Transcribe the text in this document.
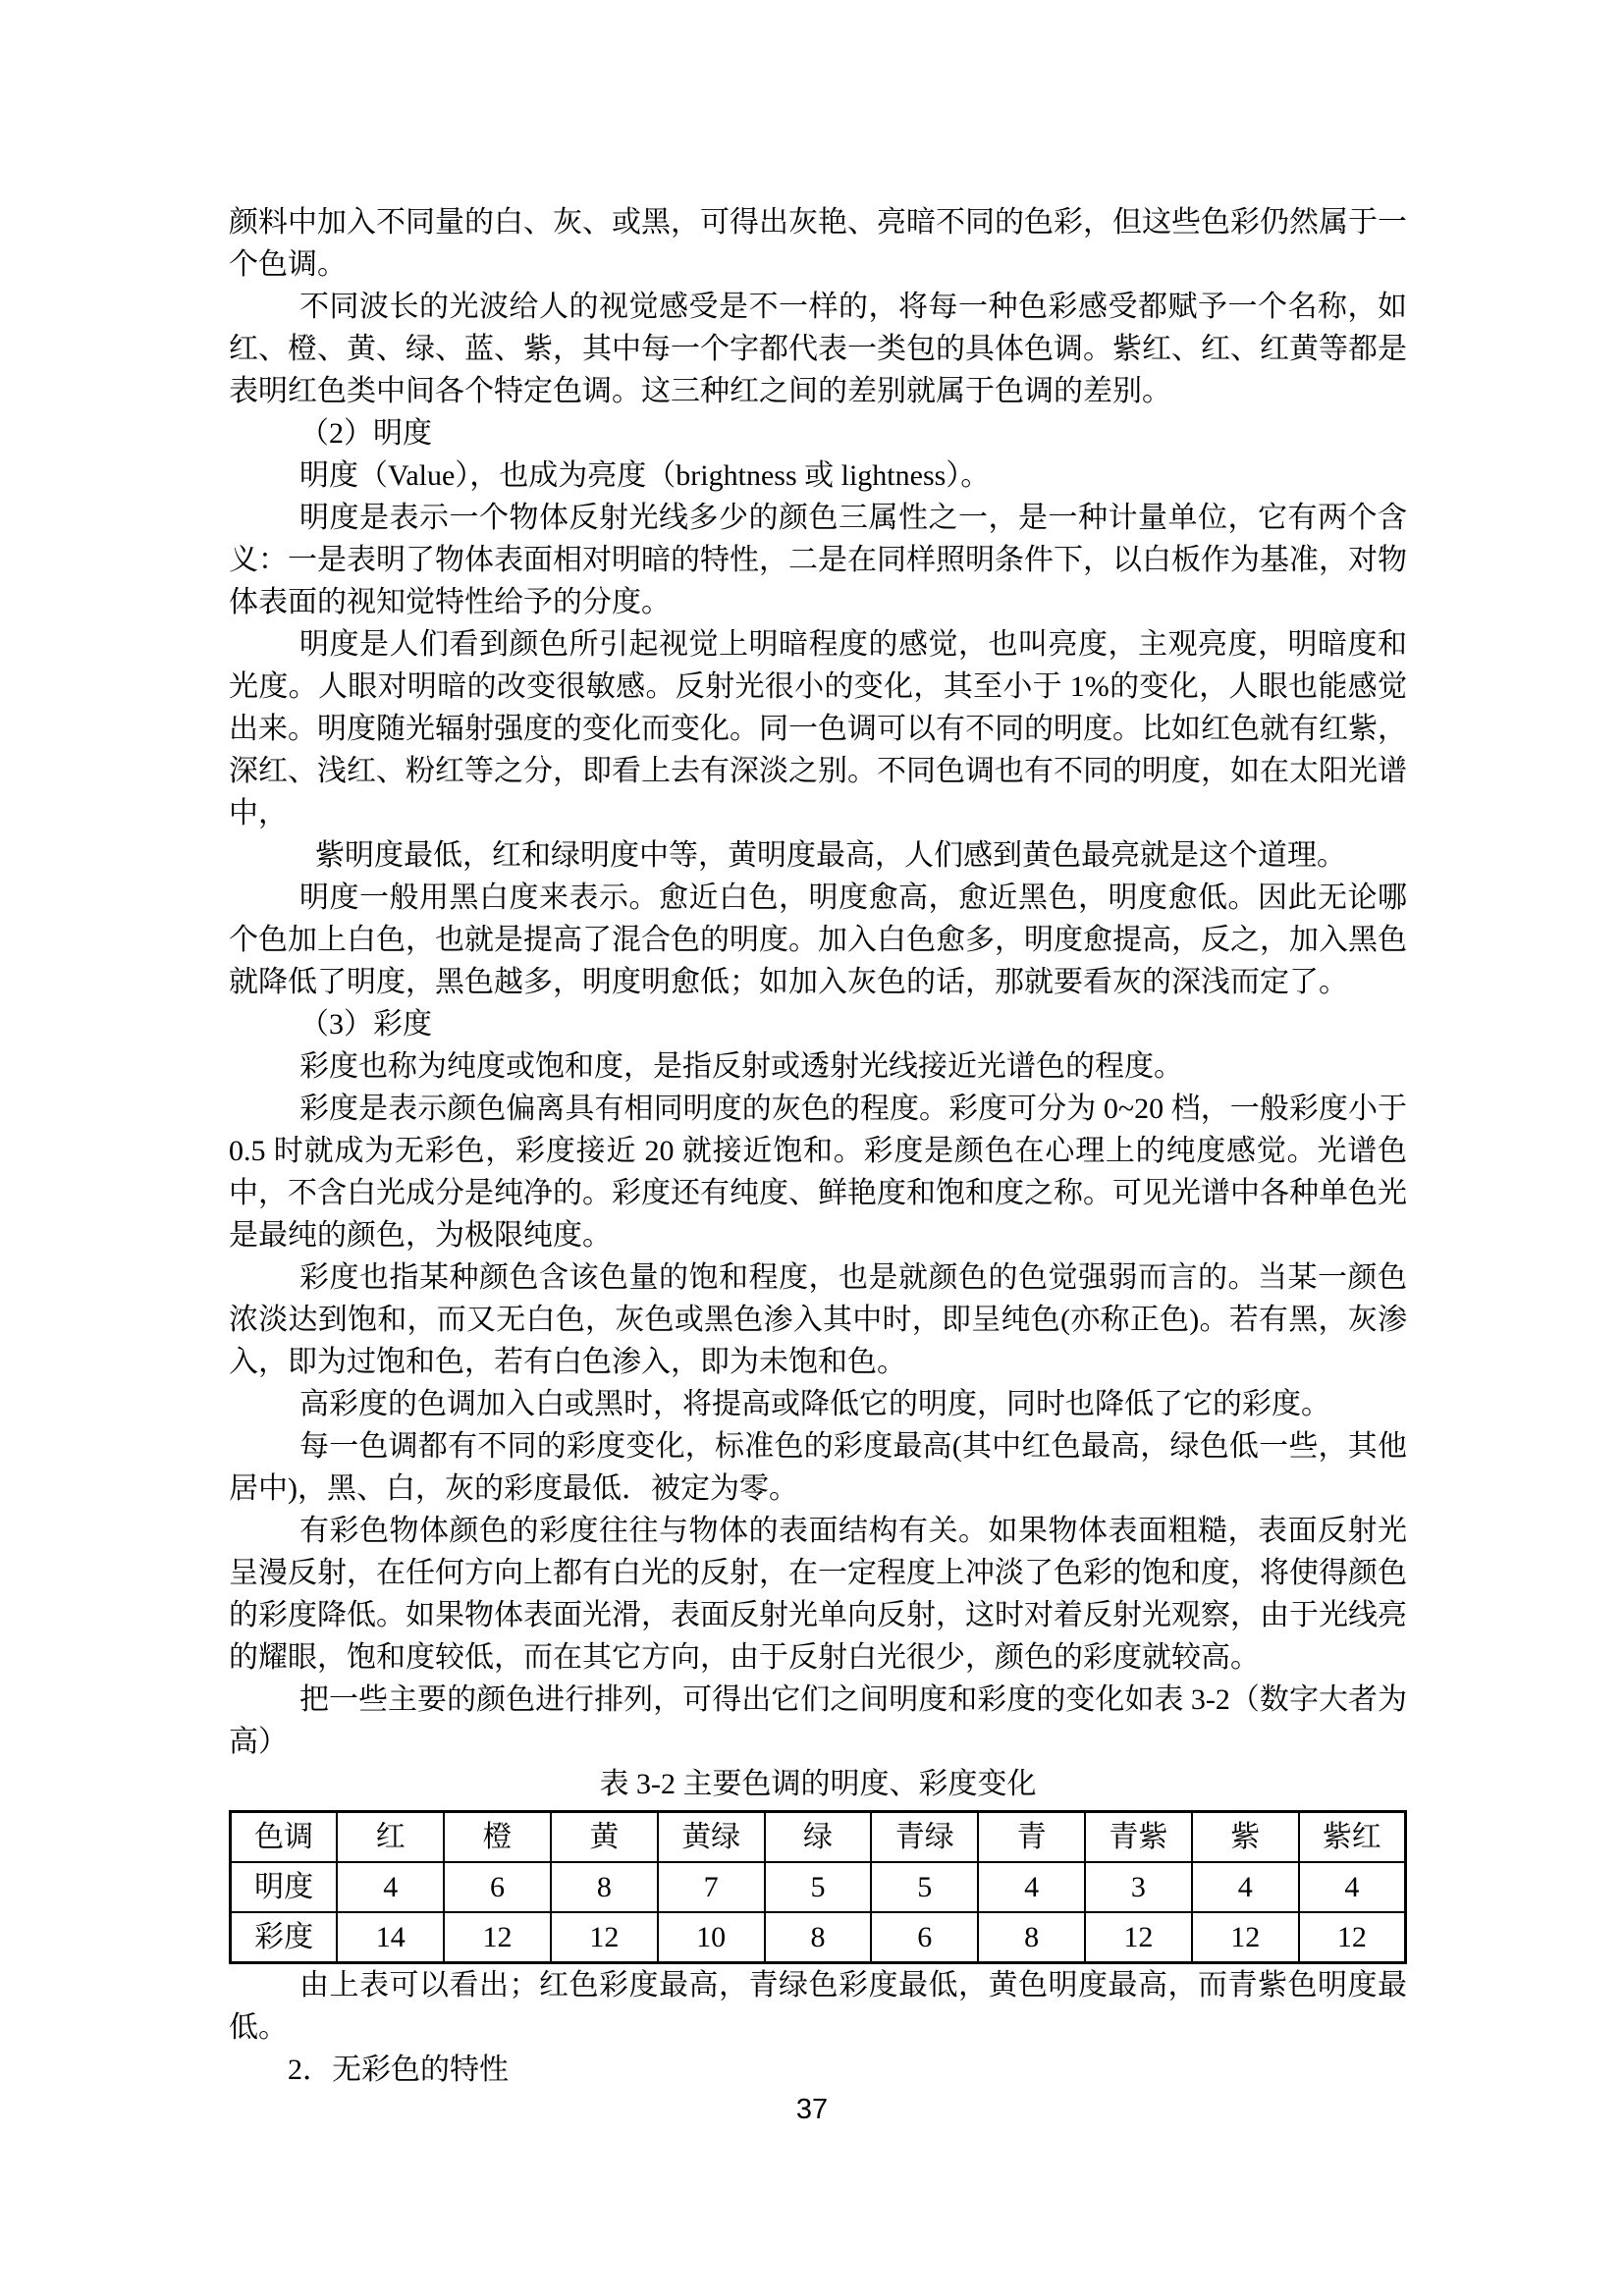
颜料中加入不同量的白、灰、或黑，可得出灰艳、亮暗不同的色彩，但这些色彩仍然属于一个色调。

不同波长的光波给人的视觉感受是不一样的，将每一种色彩感受都赋予一个名称，如红、橙、黄、绿、蓝、紫，其中每一个字都代表一类包的具体色调。紫红、红、红黄等都是表明红色类中间各个特定色调。这三种红之间的差别就属于色调的差别。

（2）明度

明度（Value），也成为亮度（brightness 或 lightness）。

明度是表示一个物体反射光线多少的颜色三属性之一，是一种计量单位，它有两个含义：一是表明了物体表面相对明暗的特性，二是在同样照明条件下，以白板作为基准，对物体表面的视知觉特性给予的分度。

明度是人们看到颜色所引起视觉上明暗程度的感觉，也叫亮度，主观亮度，明暗度和光度。人眼对明暗的改变很敏感。反射光很小的变化，其至小于 1%的变化，人眼也能感觉出来。明度随光辐射强度的变化而变化。同一色调可以有不同的明度。比如红色就有红紫，深红、浅红、粉红等之分，即看上去有深淡之别。不同色调也有不同的明度，如在太阳光谱中，

紫明度最低，红和绿明度中等，黄明度最高，人们感到黄色最亮就是这个道理。

明度一般用黑白度来表示。愈近白色，明度愈高，愈近黑色，明度愈低。因此无论哪个色加上白色，也就是提高了混合色的明度。加入白色愈多，明度愈提高，反之，加入黑色就降低了明度，黑色越多，明度明愈低；如加入灰色的话，那就要看灰的深浅而定了。

（3）彩度

彩度也称为纯度或饱和度，是指反射或透射光线接近光谱色的程度。

彩度是表示颜色偏离具有相同明度的灰色的程度。彩度可分为 0~20 档，一般彩度小于 0.5 时就成为无彩色，彩度接近 20 就接近饱和。彩度是颜色在心理上的纯度感觉。光谱色中，不含白光成分是纯净的。彩度还有纯度、鲜艳度和饱和度之称。可见光谱中各种单色光是最纯的颜色，为极限纯度。

彩度也指某种颜色含该色量的饱和程度，也是就颜色的色觉强弱而言的。当某一颜色浓淡达到饱和，而又无白色，灰色或黑色渗入其中时，即呈纯色(亦称正色)。若有黑，灰渗入，即为过饱和色，若有白色渗入，即为未饱和色。

高彩度的色调加入白或黑时，将提高或降低它的明度，同时也降低了它的彩度。

每一色调都有不同的彩度变化，标准色的彩度最高(其中红色最高，绿色低一些，其他居中)，黑、白，灰的彩度最低．被定为零。

有彩色物体颜色的彩度往往与物体的表面结构有关。如果物体表面粗糙，表面反射光呈漫反射，在任何方向上都有白光的反射，在一定程度上冲淡了色彩的饱和度，将使得颜色的彩度降低。如果物体表面光滑，表面反射光单向反射，这时对着反射光观察，由于光线亮的耀眼，饱和度较低，而在其它方向，由于反射白光很少，颜色的彩度就较高。

把一些主要的颜色进行排列，可得出它们之间明度和彩度的变化如表 3-2（数字大者为高）

表 3-2 主要色调的明度、彩度变化

色调	红	橙	黄	黄绿	绿	青绿	青	青紫	紫	紫红
明度	4	6	8	7	5	5	4	3	4	4
彩度	14	12	12	10	8	6	8	12	12	12

由上表可以看出；红色彩度最高，青绿色彩度最低，黄色明度最高，而青紫色明度最低。

2．无彩色的特性

37
